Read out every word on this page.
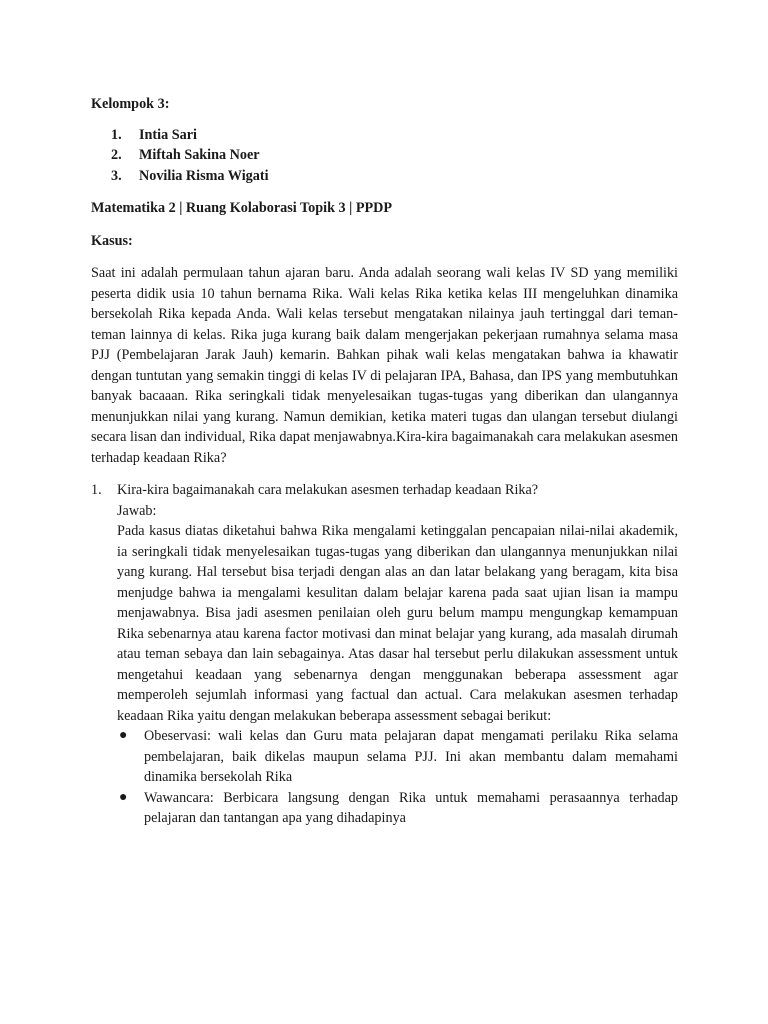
Kelompok 3:

1.	Intia Sari
2.	Miftah Sakina Noer
3.	Novilia Risma Wigati

Matematika 2 | Ruang Kolaborasi Topik 3 | PPDP

Kasus:

Saat ini adalah permulaan tahun ajaran baru. Anda adalah seorang wali kelas IV SD yang memiliki peserta didik usia 10 tahun bernama Rika. Wali kelas Rika ketika kelas III mengeluhkan dinamika bersekolah Rika kepada Anda. Wali kelas tersebut mengatakan nilainya jauh tertinggal dari teman-teman lainnya di kelas. Rika juga kurang baik dalam mengerjakan pekerjaan rumahnya selama masa PJJ (Pembelajaran Jarak Jauh) kemarin. Bahkan pihak wali kelas mengatakan bahwa ia khawatir dengan tuntutan yang semakin tinggi di kelas IV di pelajaran IPA, Bahasa, dan IPS yang membutuhkan banyak bacaaan. Rika seringkali tidak menyelesaikan tugas-tugas yang diberikan dan ulangannya menunjukkan nilai yang kurang. Namun demikian, ketika materi tugas dan ulangan tersebut diulangi secara lisan dan individual, Rika dapat menjawabnya.Kira-kira bagaimanakah cara melakukan asesmen terhadap keadaan Rika?

1.	Kira-kira bagaimanakah cara melakukan asesmen terhadap keadaan Rika?

Jawab:

Pada kasus diatas diketahui bahwa Rika mengalami ketinggalan pencapaian nilai-nilai akademik, ia seringkali tidak menyelesaikan tugas-tugas yang diberikan dan ulangannya menunjukkan nilai yang kurang. Hal tersebut bisa terjadi dengan alas an dan latar belakang yang beragam, kita bisa menjudge bahwa ia mengalami kesulitan dalam belajar karena pada saat ujian lisan ia mampu menjawabnya. Bisa jadi asesmen penilaian oleh guru belum mampu mengungkap kemampuan Rika sebenarnya atau karena factor motivasi dan minat belajar yang kurang, ada masalah dirumah atau teman sebaya dan lain sebagainya. Atas dasar hal tersebut perlu dilakukan assessment untuk mengetahui keadaan yang sebenarnya dengan menggunakan beberapa assessment agar memperoleh sejumlah informasi yang factual dan actual. Cara melakukan asesmen terhadap keadaan Rika yaitu dengan melakukan beberapa assessment sebagai berikut:

●	Obeservasi: wali kelas dan Guru mata pelajaran dapat mengamati perilaku Rika selama pembelajaran, baik dikelas maupun selama PJJ. Ini akan membantu dalam memahami dinamika bersekolah Rika
●	Wawancara: Berbicara langsung dengan Rika untuk memahami perasaannya terhadap pelajaran dan tantangan apa yang dihadapinya
